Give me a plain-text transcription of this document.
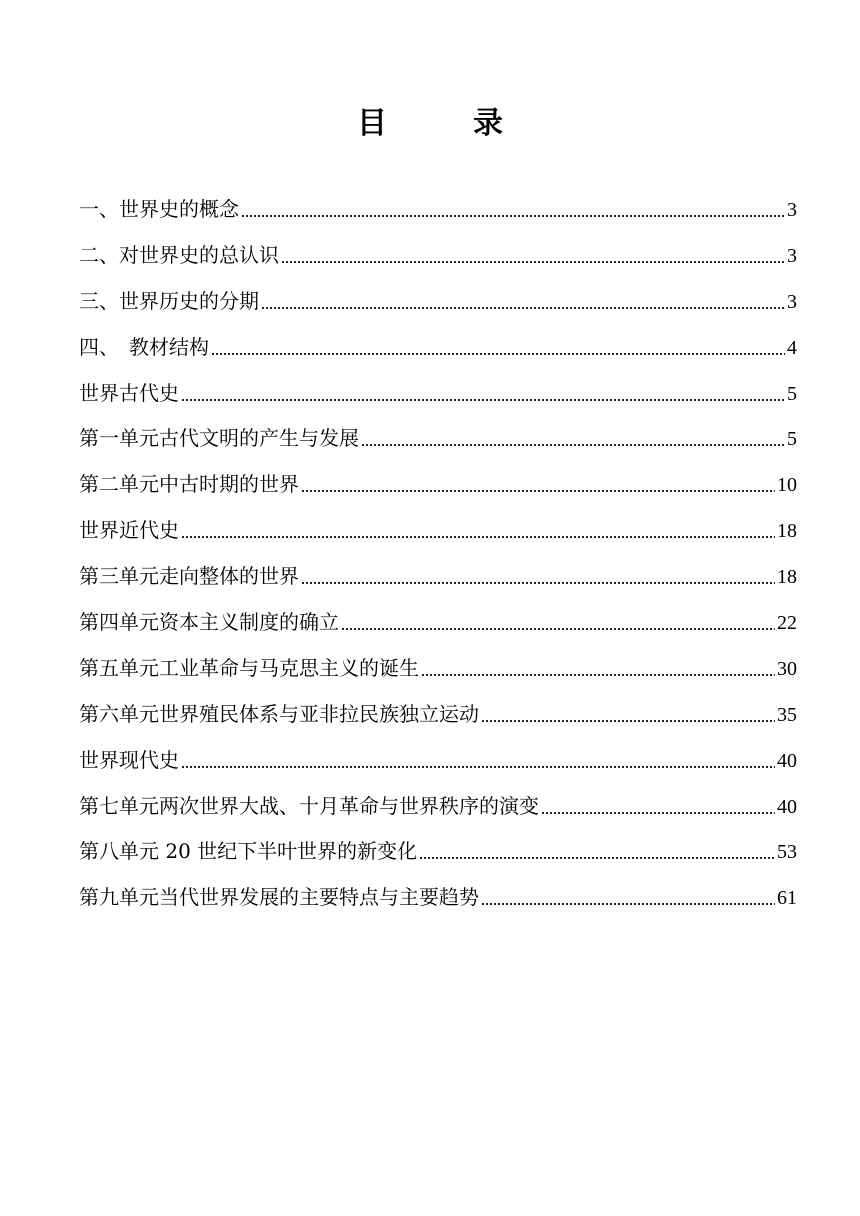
目　录
一、世界史的概念	3
二、对世界史的总认识	3
三、世界历史的分期	3
四、　教材结构	4
世界古代史	5
第一单元古代文明的产生与发展	5
第二单元中古时期的世界	10
世界近代史	18
第三单元走向整体的世界	18
第四单元资本主义制度的确立	22
第五单元工业革命与马克思主义的诞生	30
第六单元世界殖民体系与亚非拉民族独立运动	35
世界现代史	40
第七单元两次世界大战、十月革命与世界秩序的演变	40
第八单元 20 世纪下半叶世界的新变化	53
第九单元当代世界发展的主要特点与主要趋势	61
